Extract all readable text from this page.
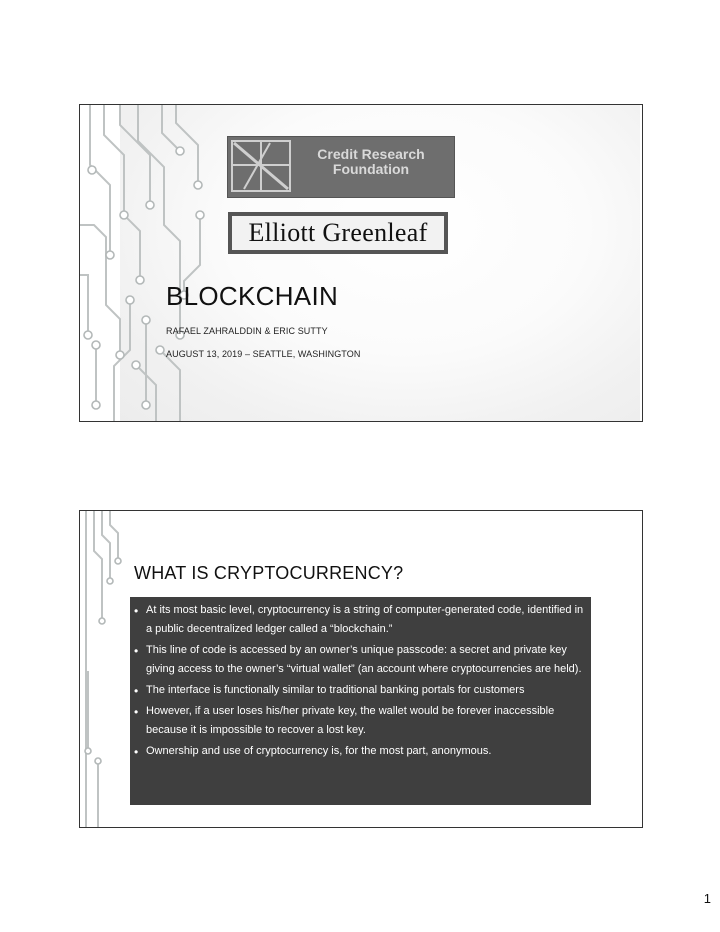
Credit Research
Foundation
Elliott Greenleaf
BLOCKCHAIN
RAFAEL ZAHRALDDIN & ERIC SUTTY
AUGUST 13, 2019 – SEATTLE, WASHINGTON
WHAT IS CRYPTOCURRENCY?
• At its most basic level, cryptocurrency is a string of computer-generated code, identified in a public decentralized ledger called a “blockchain.”
• This line of code is accessed by an owner’s unique passcode: a secret and private key giving access to the owner’s “virtual wallet” (an account where cryptocurrencies are held).
• The interface is functionally similar to traditional banking portals for customers
• However, if a user loses his/her private key, the wallet would be forever inaccessible because it is impossible to recover a lost key.
• Ownership and use of cryptocurrency is, for the most part, anonymous.
1
